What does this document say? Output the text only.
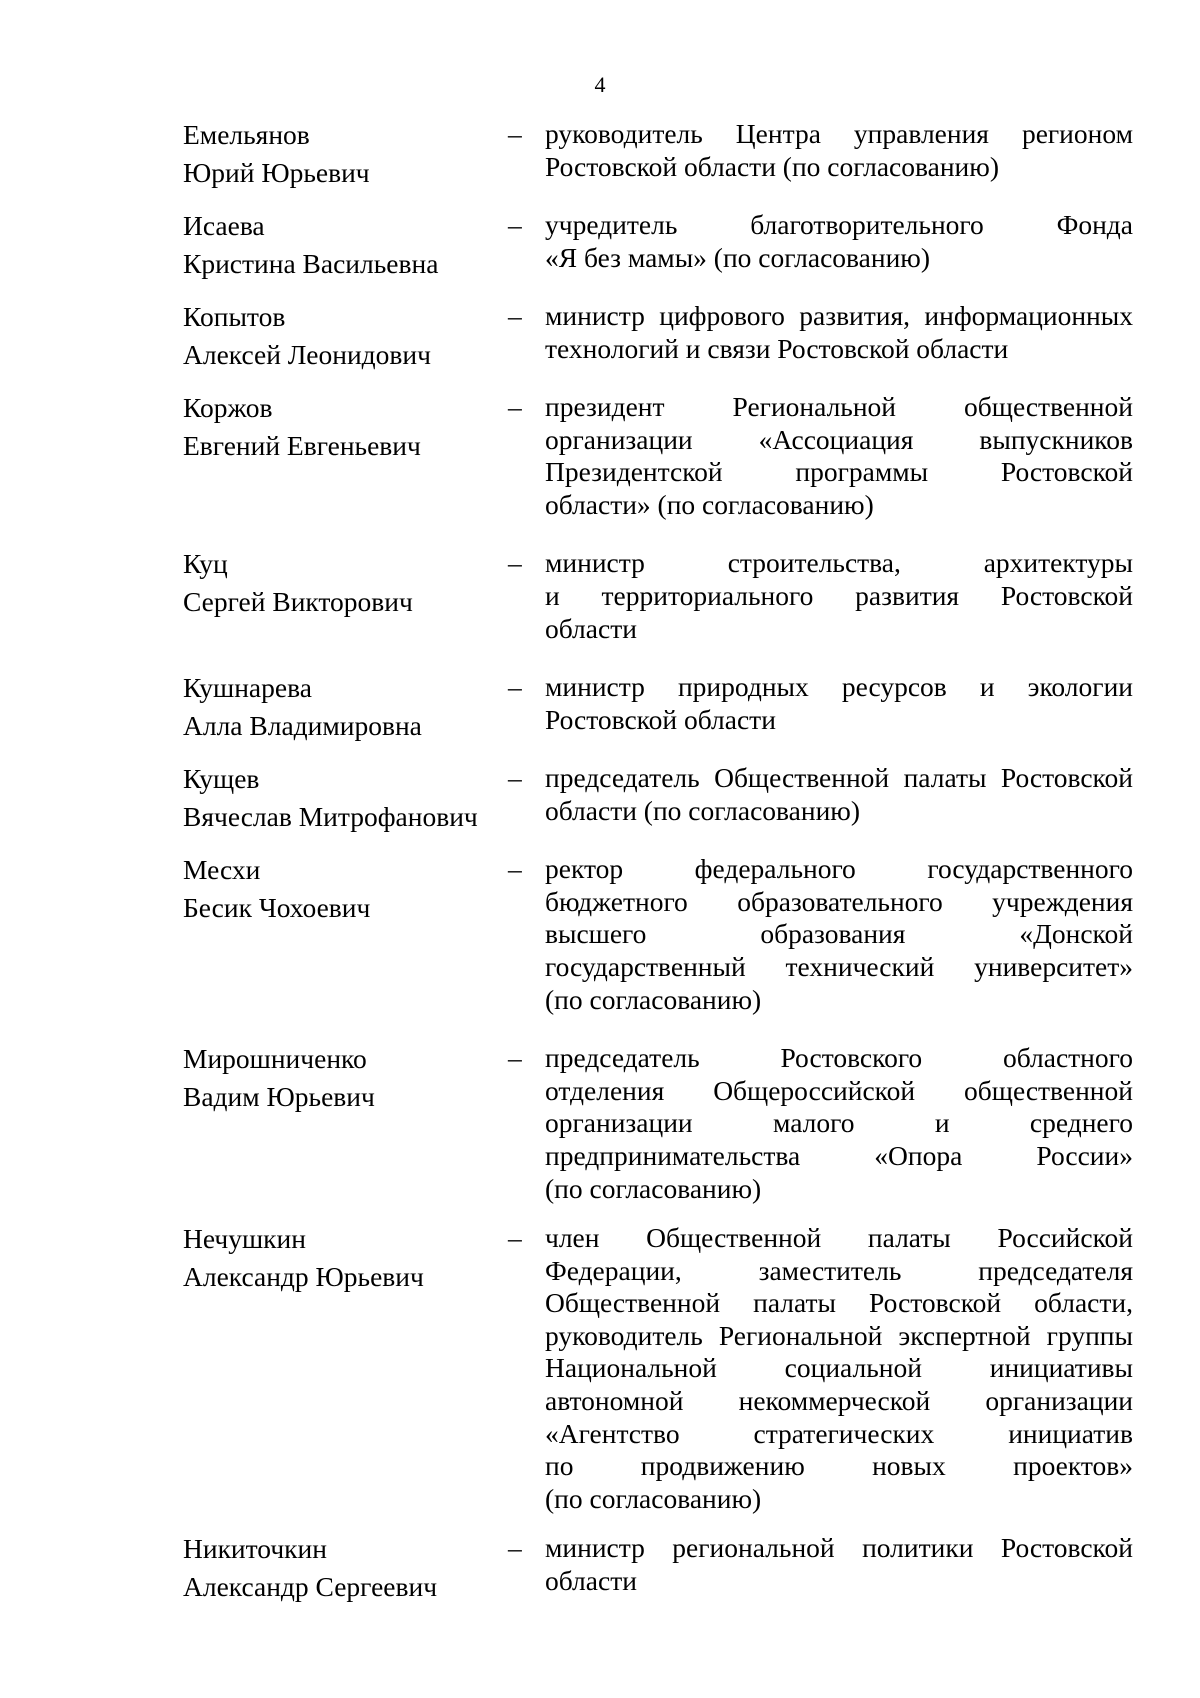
4
Емельянов
Юрий Юрьевич
– руководитель Центра управления регионом
Ростовской области (по согласованию)
Исаева
Кристина Васильевна
– учредитель благотворительного Фонда
«Я без мамы» (по согласованию)
Копытов
Алексей Леонидович
– министр цифрового развития, информационных
технологий и связи Ростовской области
Коржов
Евгений Евгеньевич
– президент Региональной общественной
организации «Ассоциация выпускников
Президентской программы Ростовской
области» (по согласованию)
Куц
Сергей Викторович
– министр строительства, архитектуры
и территориального развития Ростовской
области
Кушнарева
Алла Владимировна
– министр природных ресурсов и экологии
Ростовской области
Кущев
Вячеслав Митрофанович
– председатель Общественной палаты Ростовской
области (по согласованию)
Месхи
Бесик Чохоевич
– ректор федерального государственного
бюджетного образовательного учреждения
высшего образования «Донской
государственный технический университет»
(по согласованию)
Мирошниченко
Вадим Юрьевич
– председатель Ростовского областного
отделения Общероссийской общественной
организации малого и среднего
предпринимательства «Опора России»
(по согласованию)
Нечушкин
Александр Юрьевич
– член Общественной палаты Российской
Федерации, заместитель председателя
Общественной палаты Ростовской области,
руководитель Региональной экспертной группы
Национальной социальной инициативы
автономной некоммерческой организации
«Агентство стратегических инициатив
по продвижению новых проектов»
(по согласованию)
Никиточкин
Александр Сергеевич
– министр региональной политики Ростовской
области
